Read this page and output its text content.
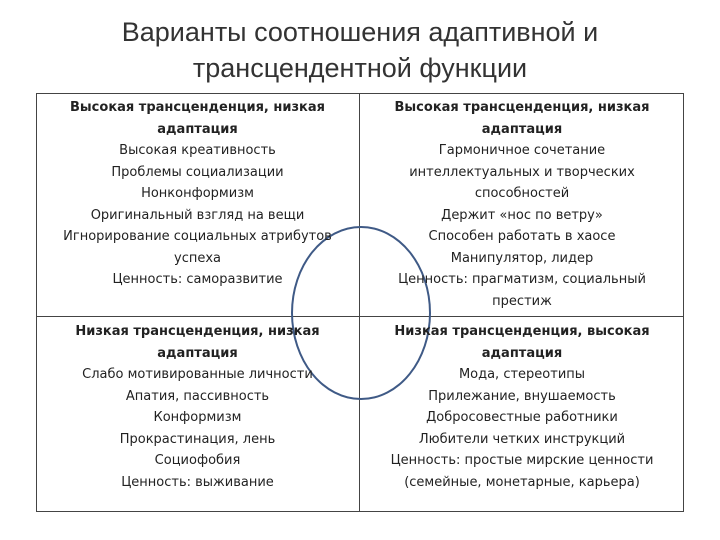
Варианты соотношения адаптивной и
трансцендентной функции
Высокая трансценденция, низкая
адаптация
Высокая креативность
Проблемы социализации
Нонконформизм
Оригинальный взгляд на вещи
Игнорирование социальных атрибутов
успеха
Ценность: саморазвитие
Высокая трансценденция, низкая
адаптация
Гармоничное сочетание
интеллектуальных и творческих
способностей
Держит «нос по ветру»
Способен работать в хаосе
Манипулятор, лидер
Ценность: прагматизм, социальный
престиж
Низкая трансценденция, низкая
адаптация
Слабо мотивированные личности
Апатия, пассивность
Конформизм
Прокрастинация, лень
Социофобия
Ценность: выживание
Низкая трансценденция, высокая
адаптация
Мода, стереотипы
Прилежание, внушаемость
Добросовестные работники
Любители четких инструкций
Ценность: простые мирские ценности
(семейные, монетарные, карьера)
